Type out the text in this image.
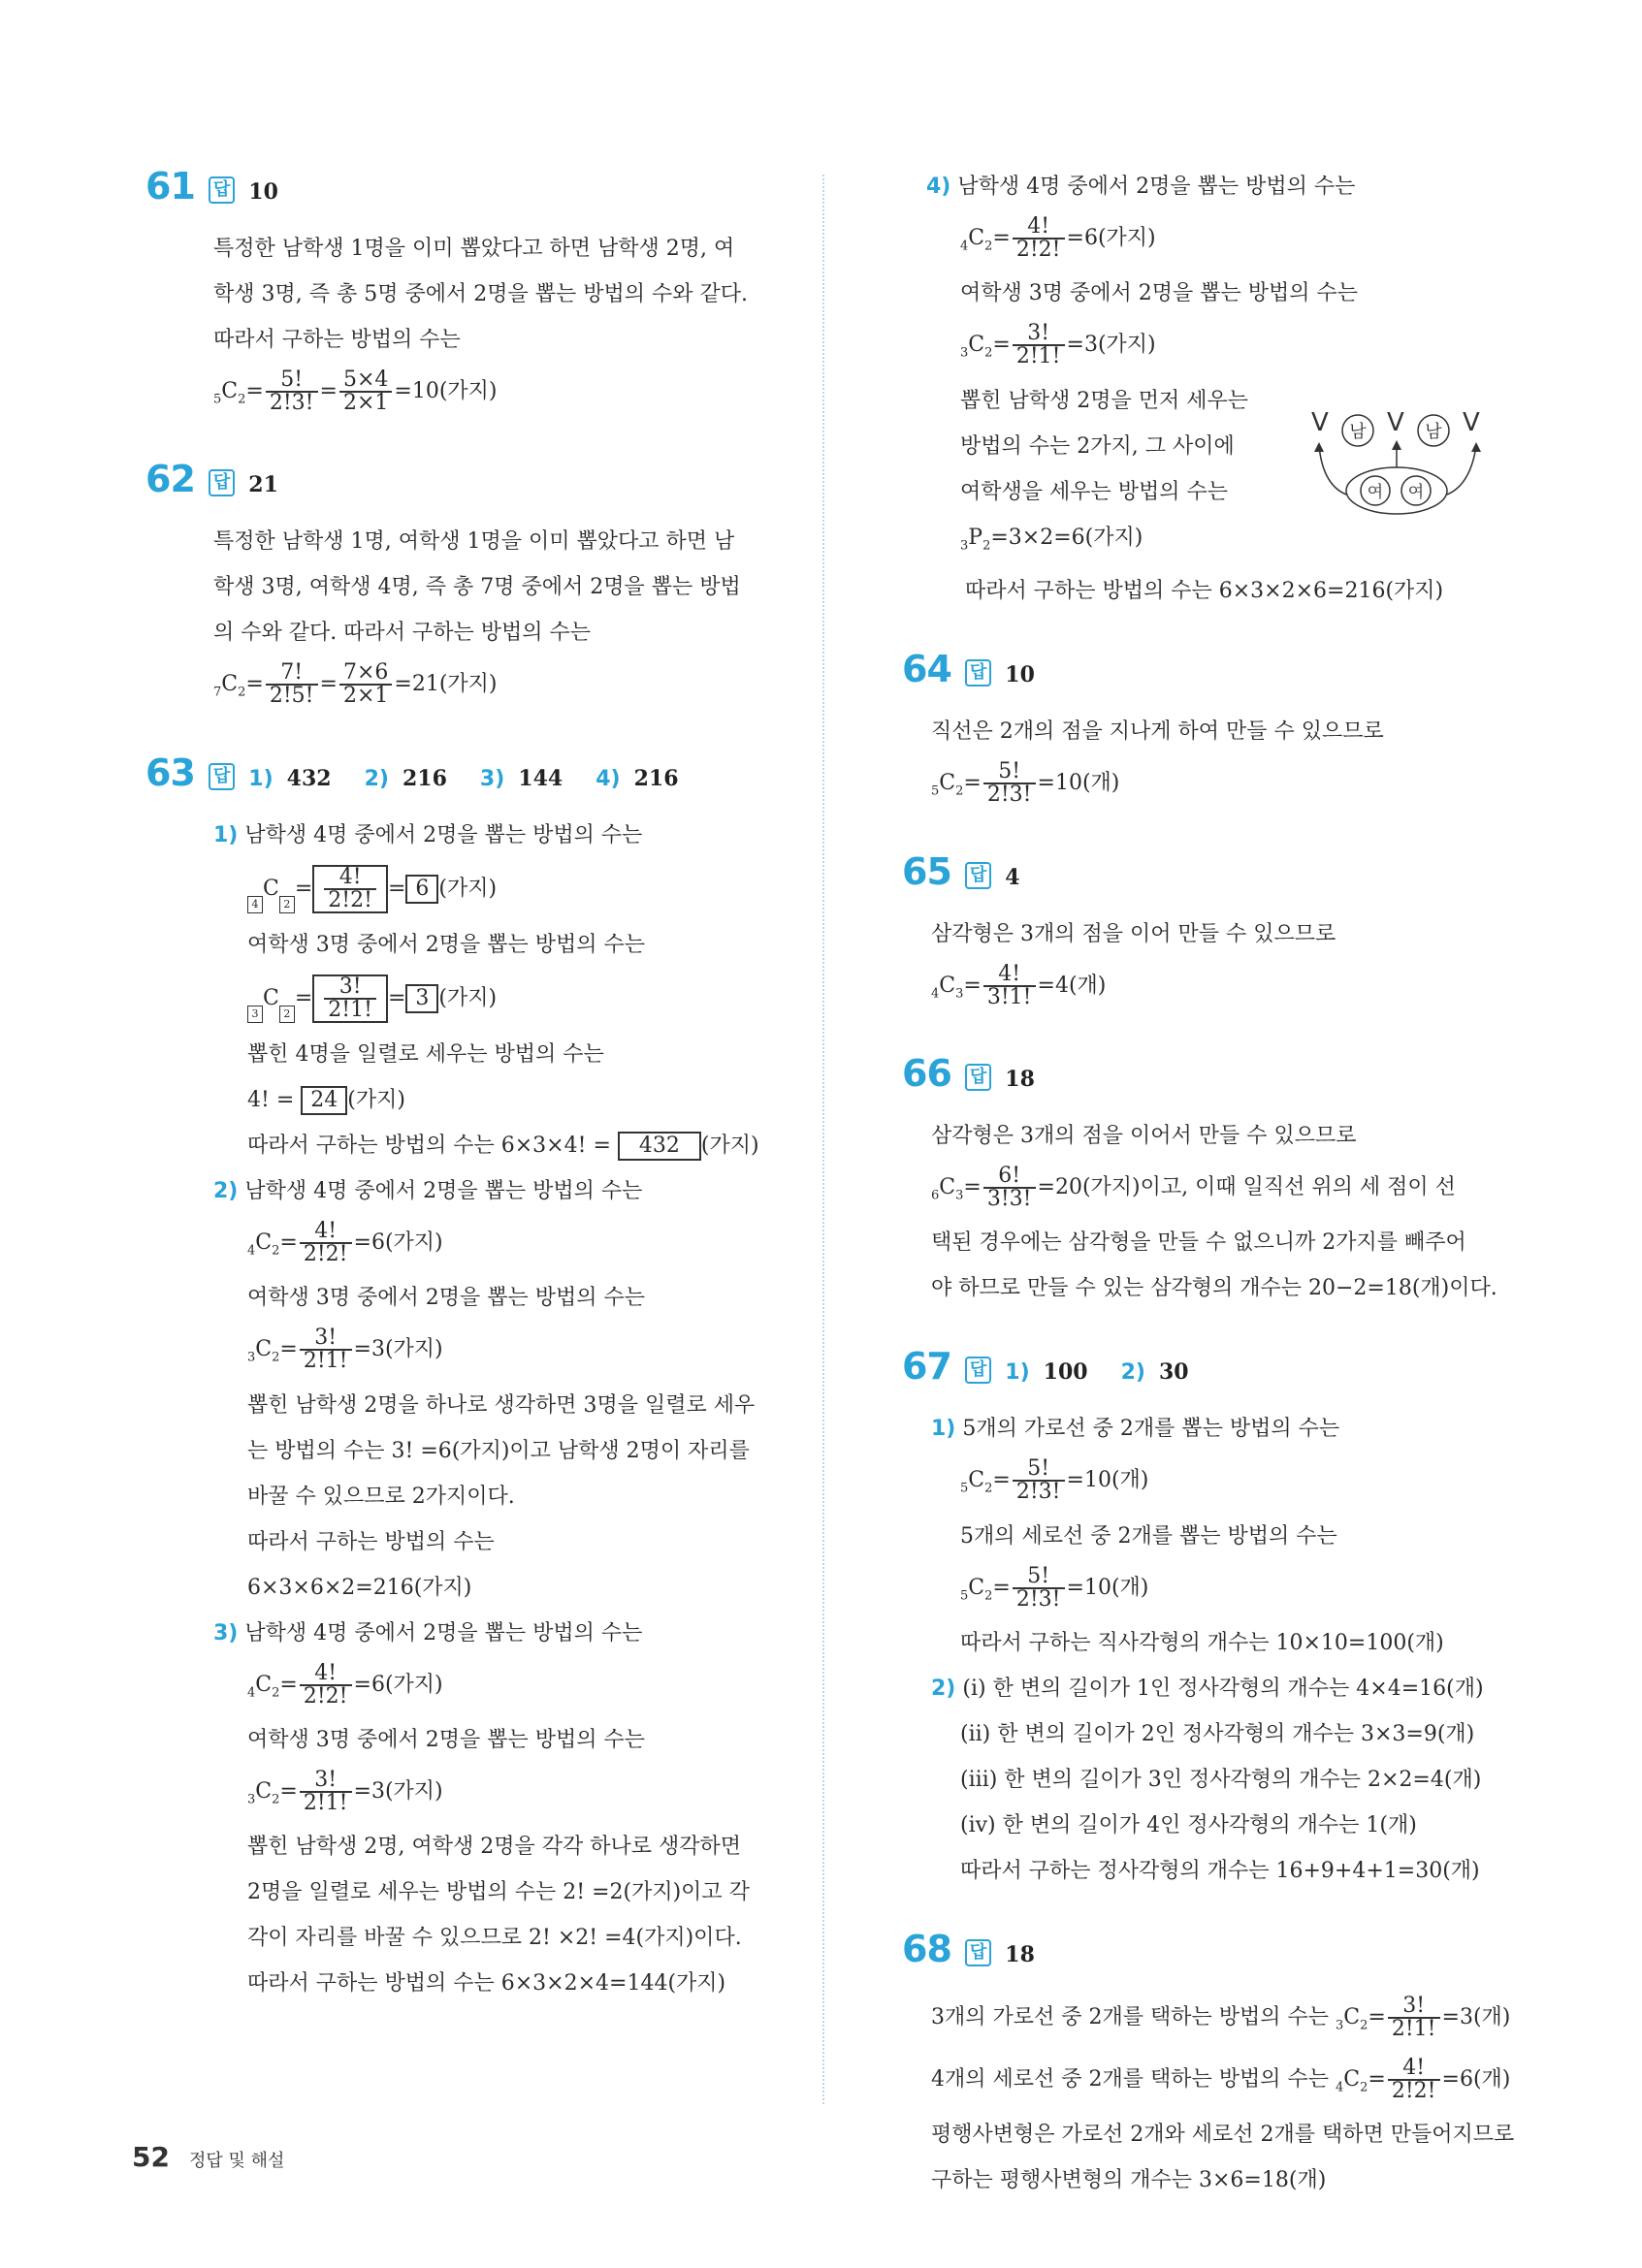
61 답 10
특정한 남학생 1명을 이미 뽑았다고 하면 남학생 2명, 여
학생 3명, 즉 총 5명 중에서 2명을 뽑는 방법의 수와 같다.
따라서 구하는 방법의 수는
$_5C_2= \frac{5!}{2!3!} = \frac{5\times 4}{2\times 1} =10$(가지)
62 답 21
특정한 남학생 1명, 여학생 1명을 이미 뽑았다고 하면 남
학생 3명, 여학생 4명, 즉 총 7명 중에서 2명을 뽑는 방법
의 수와 같다. 따라서 구하는 방법의 수는
$_7C_2= \frac{7!}{2!5!} = \frac{7\times 6}{2\times 1} =21$(가지)
63 답 1) 432 2) 216 3) 144 4) 216
1) 남학생 4명 중에서 2명을 뽑는 방법의 수는
$4C2= \frac{4!}{2!2!} = 6$ (가지)
여학생 3명 중에서 2명을 뽑는 방법의 수는
$3C2= \frac{3!}{2!1!} = 3$ (가지)
뽑힌 4명을 일렬로 세우는 방법의 수는
4! = 24 (가지)
따라서 구하는 방법의 수는 6×3×4! = 432 (가지)
2) 남학생 4명 중에서 2명을 뽑는 방법의 수는
$_4C_2= \frac{4!}{2!2!} =6$(가지)
여학생 3명 중에서 2명을 뽑는 방법의 수는
$_3C_2= \frac{3!}{2!1!} =3$(가지)
뽑힌 남학생 2명을 하나로 생각하면 3명을 일렬로 세우
는 방법의 수는 3! =6(가지)이고 남학생 2명이 자리를
바꿀 수 있으므로 2가지이다.
따라서 구하는 방법의 수는
6×3×6×2=216(가지)
3) 남학생 4명 중에서 2명을 뽑는 방법의 수는
$_4C_2= \frac{4!}{2!2!} =6$(가지)
여학생 3명 중에서 2명을 뽑는 방법의 수는
$_3C_2= \frac{3!}{2!1!} =3$(가지)
뽑힌 남학생 2명, 여학생 2명을 각각 하나로 생각하면
2명을 일렬로 세우는 방법의 수는 2! =2(가지)이고 각
각이 자리를 바꿀 수 있으므로 2! ×2! =4(가지)이다.
따라서 구하는 방법의 수는 6×3×2×4=144(가지)
4) 남학생 4명 중에서 2명을 뽑는 방법의 수는
$_4C_2= \frac{4!}{2!2!} =6$(가지)
여학생 3명 중에서 2명을 뽑는 방법의 수는
$_3C_2= \frac{3!}{2!1!} =3$(가지)
뽑힌 남학생 2명을 먼저 세우는
방법의 수는 2가지, 그 사이에
여학생을 세우는 방법의 수는
$_3P_2=3\times 2=6$(가지)
따라서 구하는 방법의 수는 6×3×2×6=216(가지)
64 답 10
직선은 2개의 점을 지나게 하여 만들 수 있으므로
$_5C_2= \frac{5!}{2!3!} =10$(개)
65 답 4
삼각형은 3개의 점을 이어 만들 수 있으므로
$_4C_3= \frac{4!}{3!1!} =4$(개)
66 답 18
삼각형은 3개의 점을 이어서 만들 수 있으므로
$_6C_3= \frac{6!}{3!3!} =20$(가지)이고, 이때 일직선 위의 세 점이 선
택된 경우에는 삼각형을 만들 수 없으니까 2가지를 빼주어
야 하므로 만들 수 있는 삼각형의 개수는 20−2=18(개)이다.
67 답 1) 100 2) 30
1) 5개의 가로선 중 2개를 뽑는 방법의 수는
$_5C_2= \frac{5!}{2!3!} =10$(개)
5개의 세로선 중 2개를 뽑는 방법의 수는
$_5C_2= \frac{5!}{2!3!} =10$(개)
따라서 구하는 직사각형의 개수는 10×10=100(개)
2) (ⅰ) 한 변의 길이가 1인 정사각형의 개수는 4×4=16(개)
(ⅱ) 한 변의 길이가 2인 정사각형의 개수는 3×3=9(개)
(ⅲ) 한 변의 길이가 3인 정사각형의 개수는 2×2=4(개)
(ⅳ) 한 변의 길이가 4인 정사각형의 개수는 1(개)
따라서 구하는 정사각형의 개수는 16+9+4+1=30(개)
68 답 18
3개의 가로선 중 2개를 택하는 방법의 수는 $_3C_2= \frac{3!}{2!1!} =3$(개)
4개의 세로선 중 2개를 택하는 방법의 수는 $_4C_2= \frac{4!}{2!2!} =6$(개)
평행사변형은 가로선 2개와 세로선 2개를 택하면 만들어지므로
구하는 평행사변형의 개수는 3×6=18(개)
V 남 V 남 V
여 여
52 정답 및 해설
